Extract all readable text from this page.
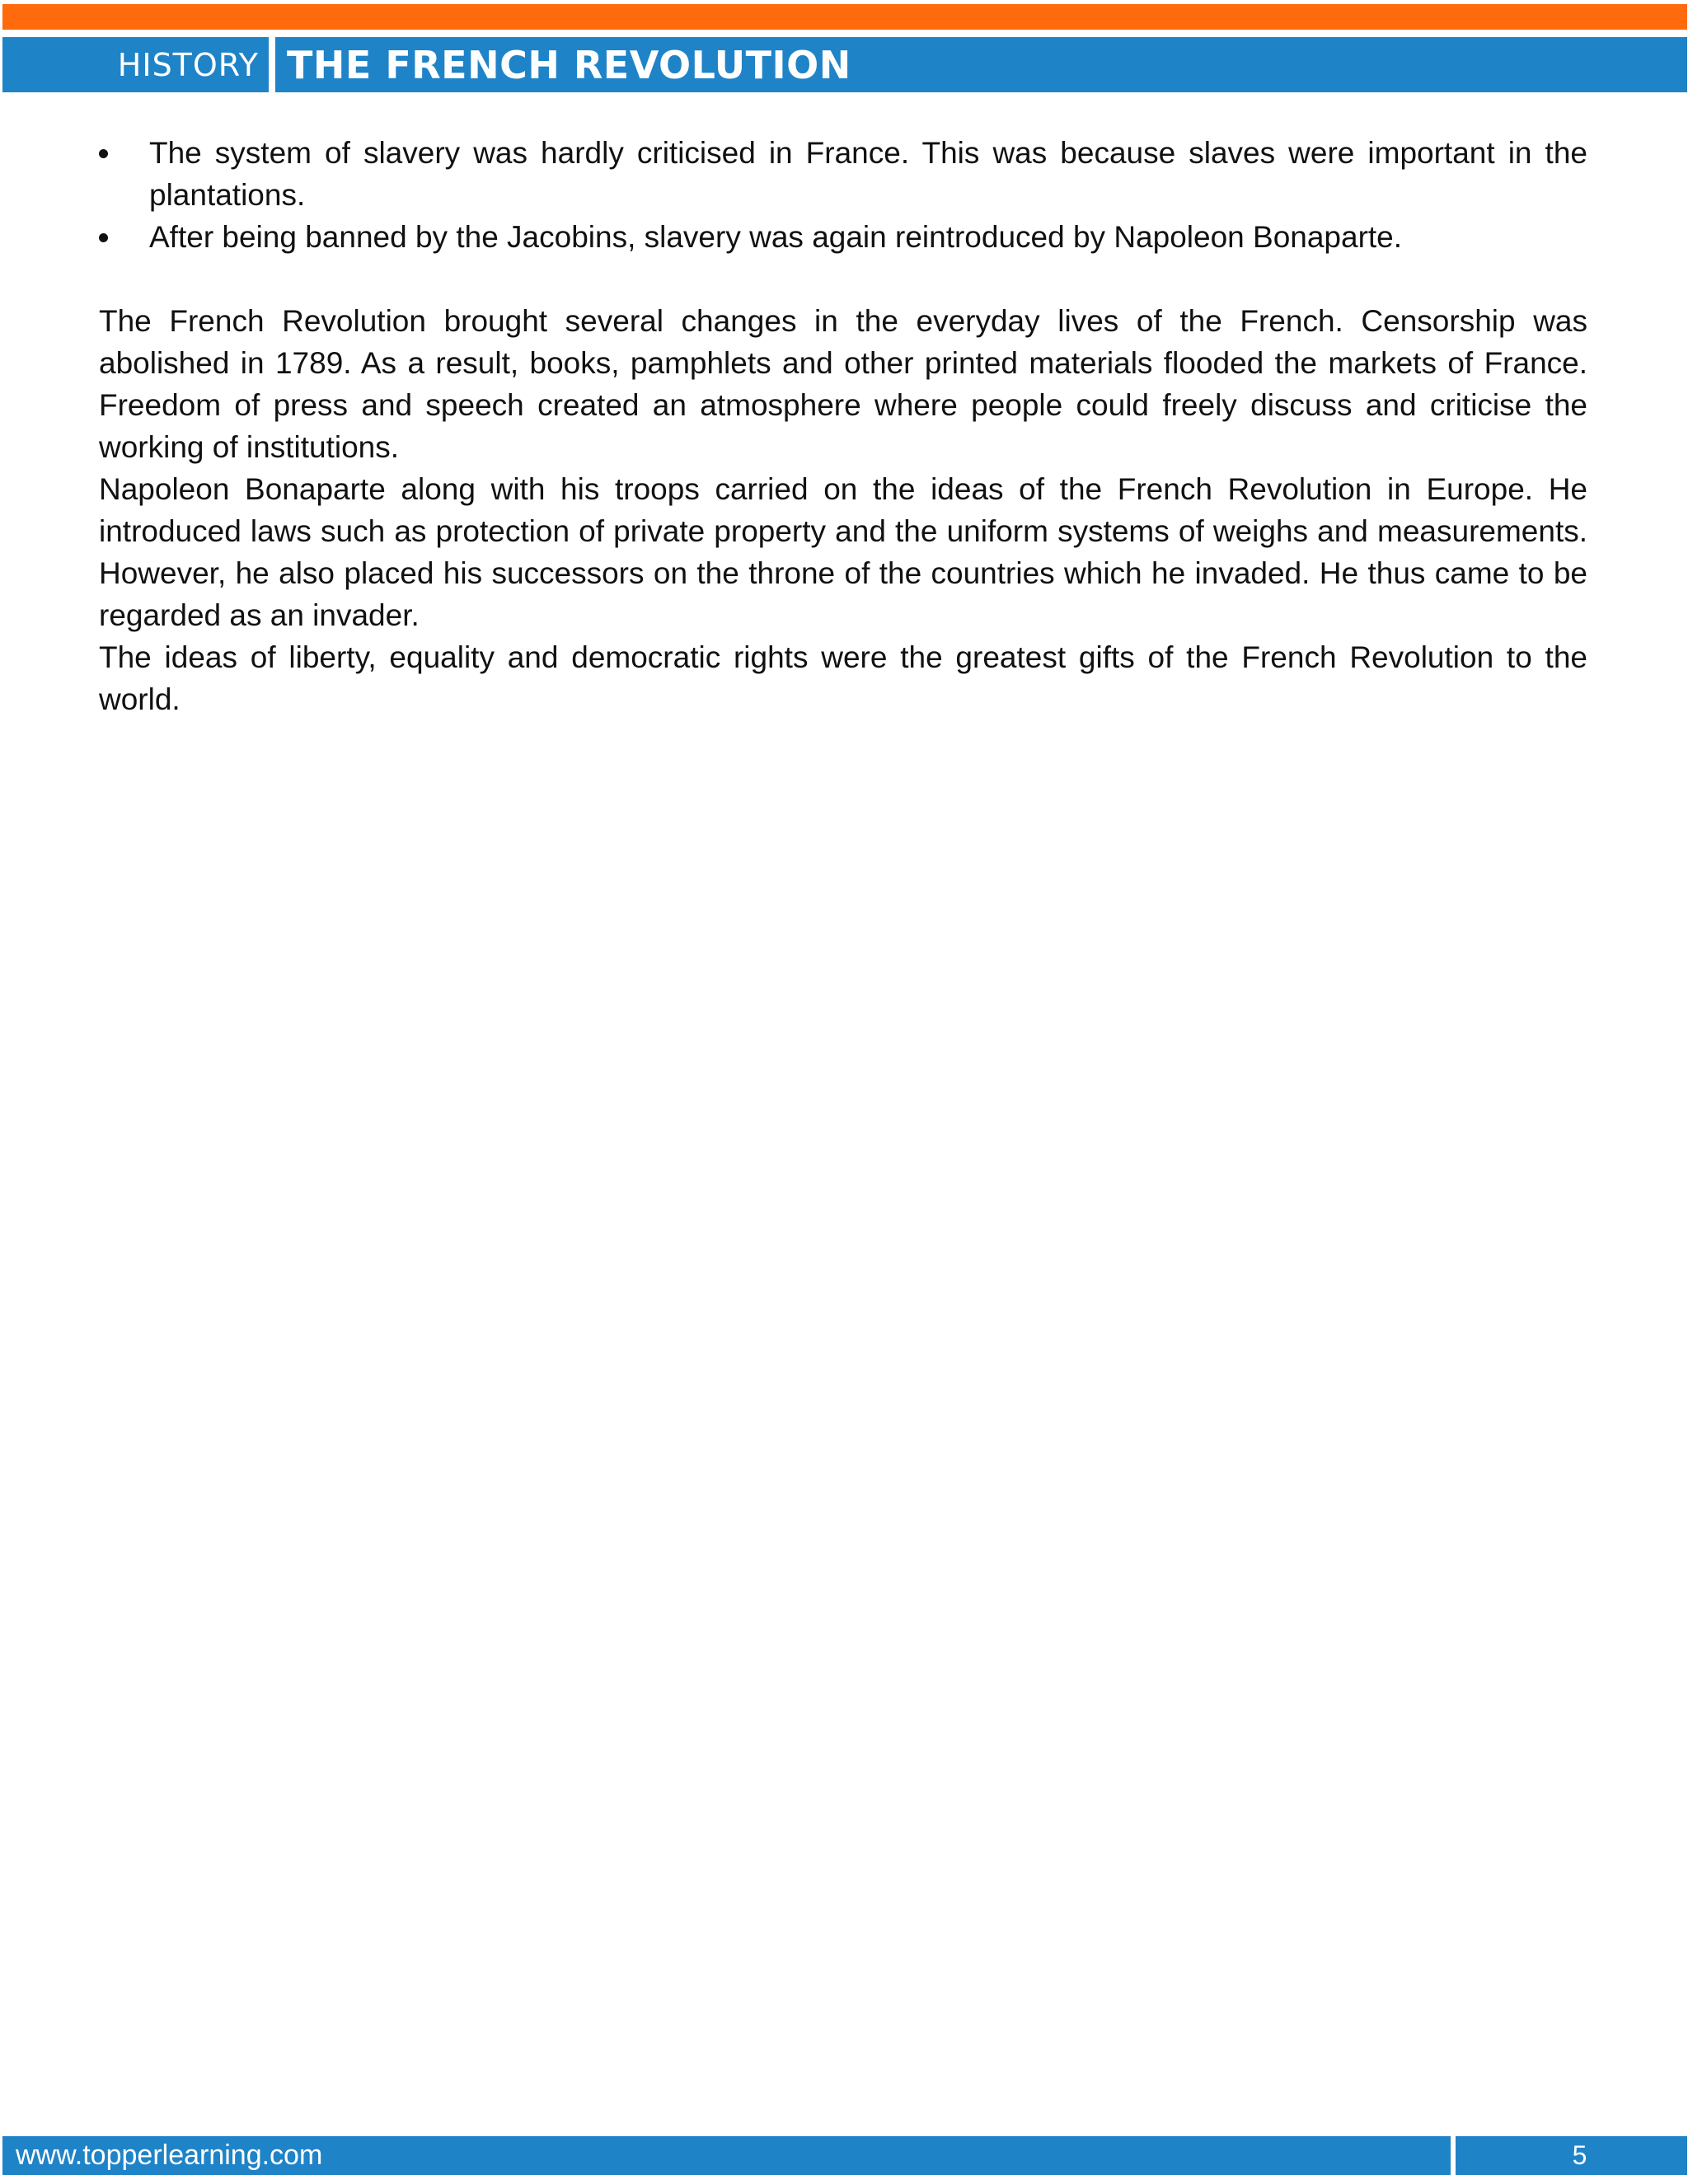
HISTORY THE FRENCH REVOLUTION
The system of slavery was hardly criticised in France. This was because slaves were important in the plantations.
After being banned by the Jacobins, slavery was again reintroduced by Napoleon Bonaparte.

The French Revolution brought several changes in the everyday lives of the French. Censorship was abolished in 1789. As a result, books, pamphlets and other printed materials flooded the markets of France. Freedom of press and speech created an atmosphere where people could freely discuss and criticise the working of institutions.

Napoleon Bonaparte along with his troops carried on the ideas of the French Revolution in Europe. He introduced laws such as protection of private property and the uniform systems of weighs and measurements. However, he also placed his successors on the throne of the countries which he invaded. He thus came to be regarded as an invader.

The ideas of liberty, equality and democratic rights were the greatest gifts of the French Revolution to the world.

www.topperlearning.com	5
